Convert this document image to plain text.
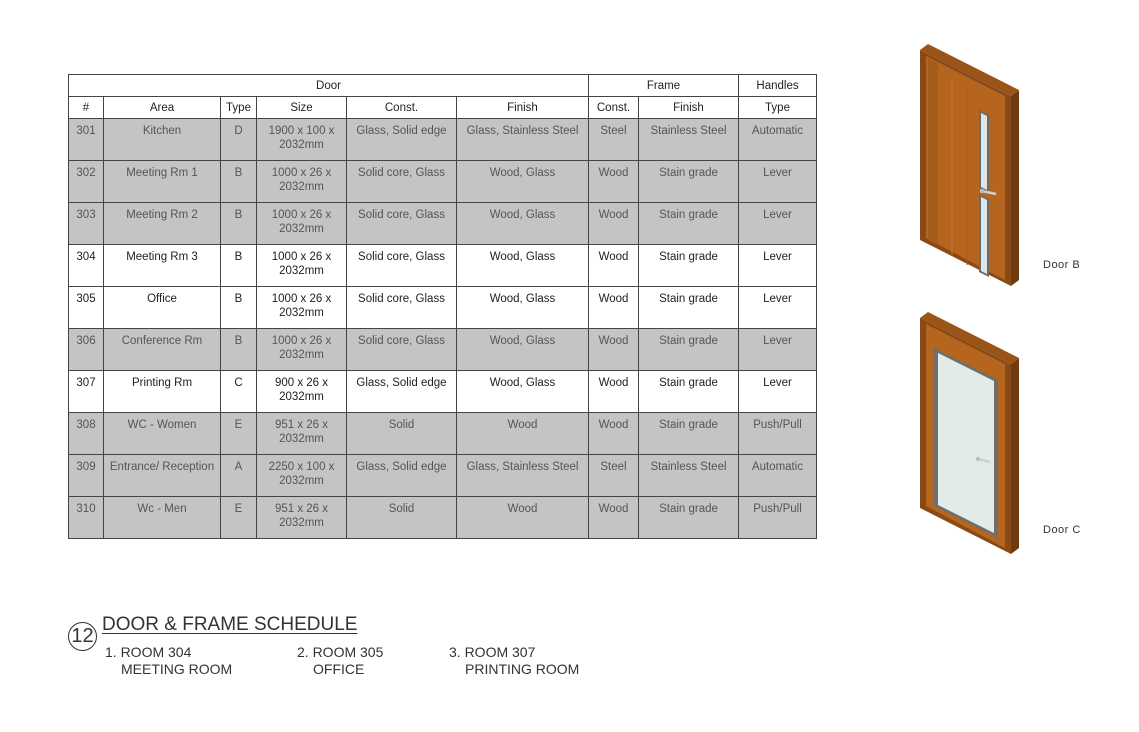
Door						Frame		Handles
#	Area	Type	Size	Const.	Finish	Const.	Finish	Type
301	Kitchen	D	1900 x 100 x 2032mm	Glass, Solid edge	Glass, Stainless Steel	Steel	Stainless Steel	Automatic
302	Meeting Rm 1	B	1000 x 26 x 2032mm	Solid core, Glass	Wood, Glass	Wood	Stain grade	Lever
303	Meeting Rm 2	B	1000 x 26 x 2032mm	Solid core, Glass	Wood, Glass	Wood	Stain grade	Lever
304	Meeting Rm 3	B	1000 x 26 x 2032mm	Solid core, Glass	Wood, Glass	Wood	Stain grade	Lever
305	Office	B	1000 x 26 x 2032mm	Solid core, Glass	Wood, Glass	Wood	Stain grade	Lever
306	Conference Rm	B	1000 x 26 x 2032mm	Solid core, Glass	Wood, Glass	Wood	Stain grade	Lever
307	Printing Rm	C	900 x 26 x 2032mm	Glass, Solid edge	Wood, Glass	Wood	Stain grade	Lever
308	WC - Women	E	951 x 26 x 2032mm	Solid	Wood	Wood	Stain grade	Push/Pull
309	Entrance/ Reception	A	2250 x 100 x 2032mm	Glass, Solid edge	Glass, Stainless Steel	Steel	Stainless Steel	Automatic
310	Wc - Men	E	951 x 26 x 2032mm	Solid	Wood	Wood	Stain grade	Push/Pull
Door B
Door C
12
DOOR & FRAME SCHEDULE
1. ROOM 304
MEETING ROOM
2. ROOM 305
OFFICE
3. ROOM 307
PRINTING ROOM
